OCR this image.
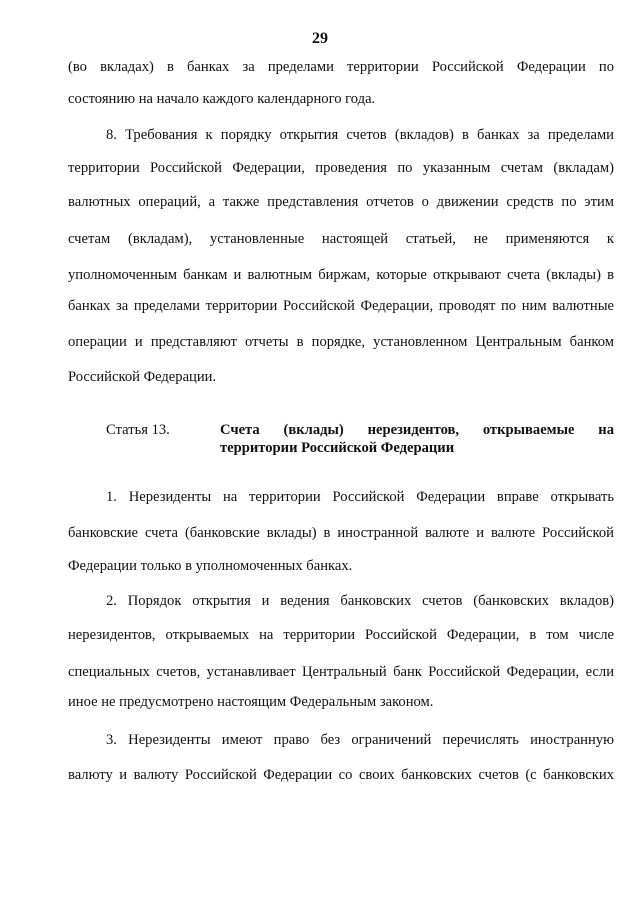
29
(во вкладах) в банках за пределами территории Российской Федерации по
состоянию на начало каждого календарного года.
8. Требования к порядку открытия счетов (вкладов) в банках за пределами
территории Российской Федерации, проведения по указанным счетам (вкладам)
валютных операций, а также представления отчетов о движении средств по этим
счетам (вкладам), установленные настоящей статьей, не применяются к
уполномоченным банкам и валютным биржам, которые открывают счета (вклады) в
банках за пределами территории Российской Федерации, проводят по ним валютные
операции и представляют отчеты в порядке, установленном Центральным банком
Российской Федерации.
Статья 13.	Счета (вклады) нерезидентов, открываемые на
территории Российской Федерации
1. Нерезиденты на территории Российской Федерации вправе открывать
банковские счета (банковские вклады) в иностранной валюте и валюте Российской
Федерации только в уполномоченных банках.
2. Порядок открытия и ведения банковских счетов (банковских вкладов)
нерезидентов, открываемых на территории Российской Федерации, в том числе
специальных счетов, устанавливает Центральный банк Российской Федерации, если
иное не предусмотрено настоящим Федеральным законом.
3. Нерезиденты имеют право без ограничений перечислять иностранную
валюту и валюту Российской Федерации со своих банковских счетов (с банковских
